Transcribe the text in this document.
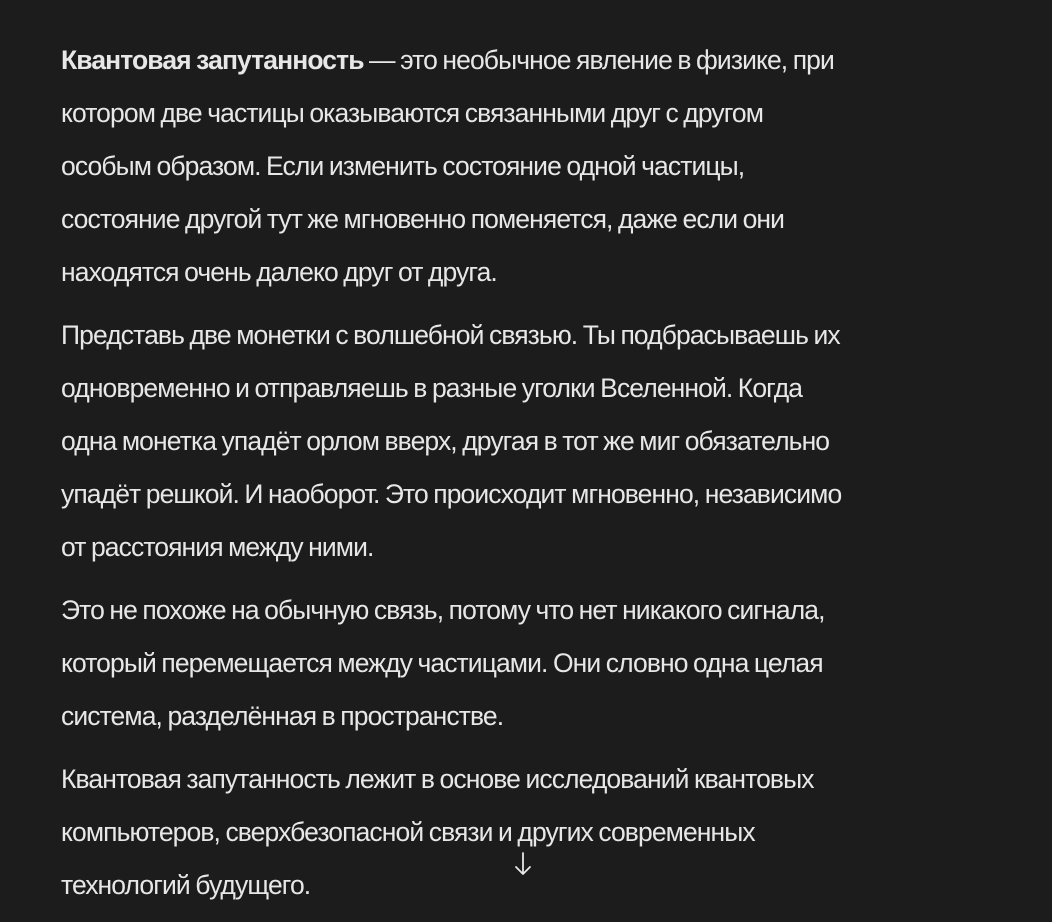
Квантовая запутанность — это необычное явление в физике, при
котором две частицы оказываются связанными друг с другом
особым образом. Если изменить состояние одной частицы,
состояние другой тут же мгновенно поменяется, даже если они
находятся очень далеко друг от друга.

Представь две монетки с волшебной связью. Ты подбрасываешь их
одновременно и отправляешь в разные уголки Вселенной. Когда
одна монетка упадёт орлом вверх, другая в тот же миг обязательно
упадёт решкой. И наоборот. Это происходит мгновенно, независимо
от расстояния между ними.

Это не похоже на обычную связь, потому что нет никакого сигнала,
который перемещается между частицами. Они словно одна целая
система, разделённая в пространстве.

Квантовая запутанность лежит в основе исследований квантовых
компьютеров, сверхбезопасной связи и других современных
технологий будущего.
